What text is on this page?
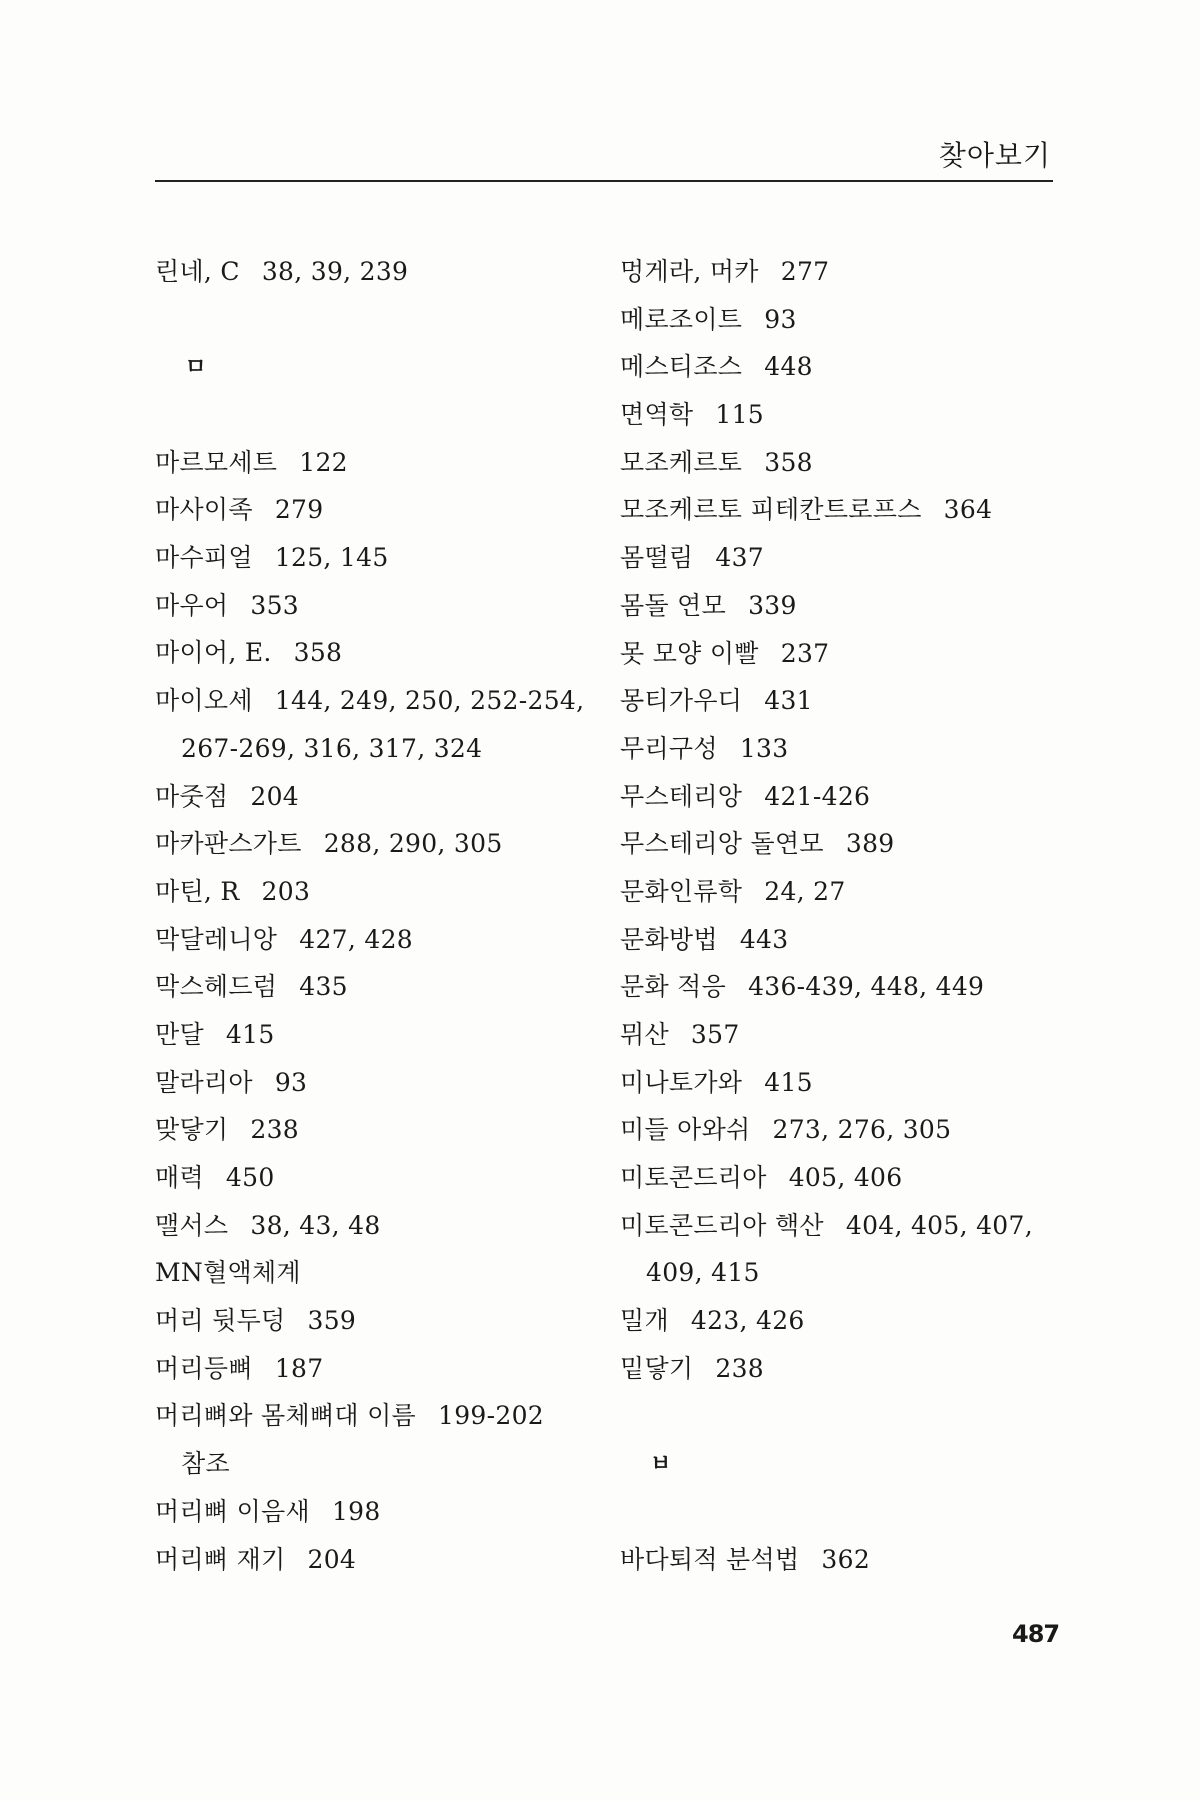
찾아보기
린네, C 38, 39, 239
ㅁ
마르모세트 122
마사이족 279
마수피얼 125, 145
마우어 353
마이어, E. 358
마이오세 144, 249, 250, 252-254,
267-269, 316, 317, 324
마줏점 204
마카판스가트 288, 290, 305
마틴, R 203
막달레니앙 427, 428
막스헤드럼 435
만달 415
말라리아 93
맞닿기 238
매력 450
맬서스 38, 43, 48
MN혈액체계
머리 뒷두덩 359
머리등뼈 187
머리뼈와 몸체뼈대 이름 199-202
참조
머리뼈 이음새 198
머리뼈 재기 204
멍게라, 머카 277
메로조이트 93
메스티조스 448
면역학 115
모조케르토 358
모조케르토 피테칸트로프스 364
몸떨림 437
몸돌 연모 339
못 모양 이빨 237
몽티가우디 431
무리구성 133
무스테리앙 421-426
무스테리앙 돌연모 389
문화인류학 24, 27
문화방법 443
문화 적응 436-439, 448, 449
뮈산 357
미나토가와 415
미들 아와쉬 273, 276, 305
미토콘드리아 405, 406
미토콘드리아 핵산 404, 405, 407,
409, 415
밀개 423, 426
밑닿기 238
ㅂ
바다퇴적 분석법 362
487
